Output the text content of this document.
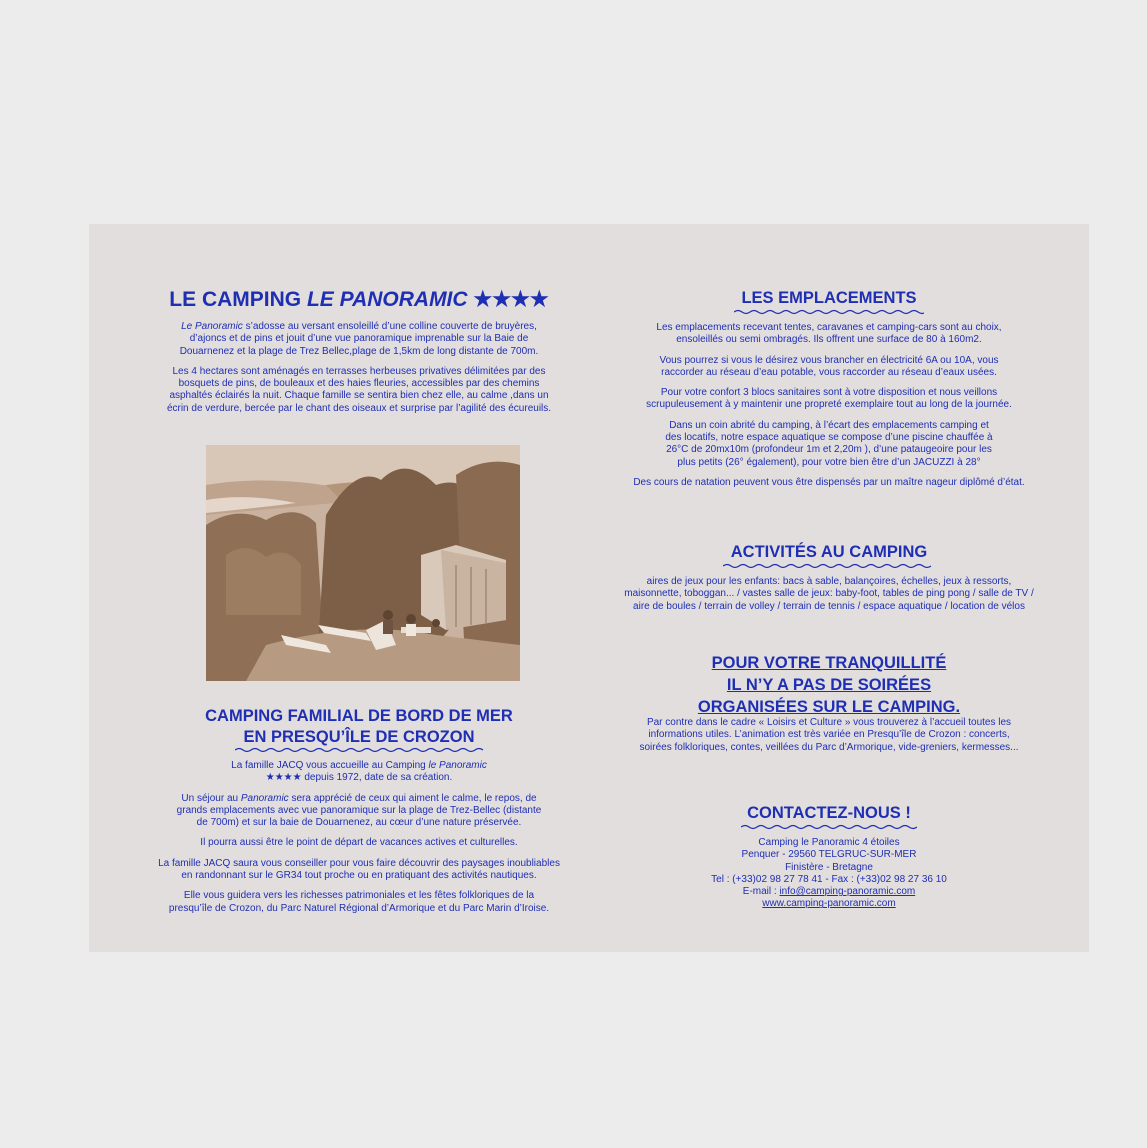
LE CAMPING LE PANORAMIC ★★★★

Le Panoramic s’adosse au versant ensoleillé d’une colline couverte de bruyères,
d’ajoncs et de pins et jouit d’une vue panoramique imprenable sur la Baie de
Douarnenez et la plage de Trez Bellec,plage de 1,5km de long distante de 700m.

Les 4 hectares sont aménagés en terrasses herbeuses privatives délimitées par des
bosquets de pins, de bouleaux et des haies fleuries, accessibles par des chemins
asphaltés éclairés la nuit. Chaque famille se sentira bien chez elle, au calme ,dans un
écrin de verdure, bercée par le chant des oiseaux et surprise par l’agilité des écureuils.

CAMPING FAMILIAL DE BORD DE MER
EN PRESQU’ÎLE DE CROZON

La famille JACQ vous accueille au Camping le Panoramic
★★★★ depuis 1972, date de sa création.

Un séjour au Panoramic sera apprécié de ceux qui aiment le calme, le repos, de
grands emplacements avec vue panoramique sur la plage de Trez-Bellec (distante
de 700m) et sur la baie de Douarnenez, au cœur d’une nature préservée.

Il pourra aussi être le point de départ de vacances actives et culturelles.

La famille JACQ saura vous conseiller pour vous faire découvrir des paysages inoubliables
en randonnant sur le GR34 tout proche ou en pratiquant des activités nautiques.

Elle vous guidera vers les richesses patrimoniales et les fêtes folkloriques de la
presqu’île de Crozon, du Parc Naturel Régional d’Armorique et du Parc Marin d’Iroise.

LES EMPLACEMENTS

Les emplacements recevant tentes, caravanes et camping-cars sont au choix,
ensoleillés ou semi ombragés. Ils offrent une surface de 80 à 160m2.

Vous pourrez si vous le désirez vous brancher en électricité 6A ou 10A, vous
raccorder au réseau d’eau potable, vous raccorder au réseau d’eaux usées.

Pour votre confort 3 blocs sanitaires sont à votre disposition et nous veillons
scrupuleusement à y maintenir une propreté exemplaire tout au long de la journée.

Dans un coin abrité du camping, à l’écart des emplacements camping et
des locatifs, notre espace aquatique se compose d’une piscine chauffée à
26°C de 20mx10m (profondeur 1m et 2,20m ), d’une pataugeoire pour les
plus petits (26° également), pour votre bien être d’un JACUZZI à 28°

Des cours de natation peuvent vous être dispensés par un maître nageur diplômé d’état.

ACTIVITÉS AU CAMPING

aires de jeux pour les enfants: bacs à sable, balançoires, échelles, jeux à ressorts,
maisonnette, toboggan... / vastes salle de jeux: baby-foot, tables de ping pong / salle de TV /
aire de boules / terrain de volley / terrain de tennis / espace aquatique / location de vélos

POUR VOTRE TRANQUILLITÉ
IL N’Y A PAS DE SOIRÉES
ORGANISÉES SUR LE CAMPING.

Par contre dans le cadre « Loisirs et Culture » vous trouverez à l’accueil toutes les
informations utiles. L’animation est très variée en Presqu’île de Crozon : concerts,
soirées folkloriques, contes, veillées du Parc d’Armorique, vide-greniers, kermesses...

CONTACTEZ-NOUS !

Camping le Panoramic 4 étoiles
Penquer - 29560 TELGRUC-SUR-MER
Finistère - Bretagne
Tel : (+33)02 98 27 78 41 - Fax : (+33)02 98 27 36 10
E-mail : info@camping-panoramic.com
www.camping-panoramic.com
